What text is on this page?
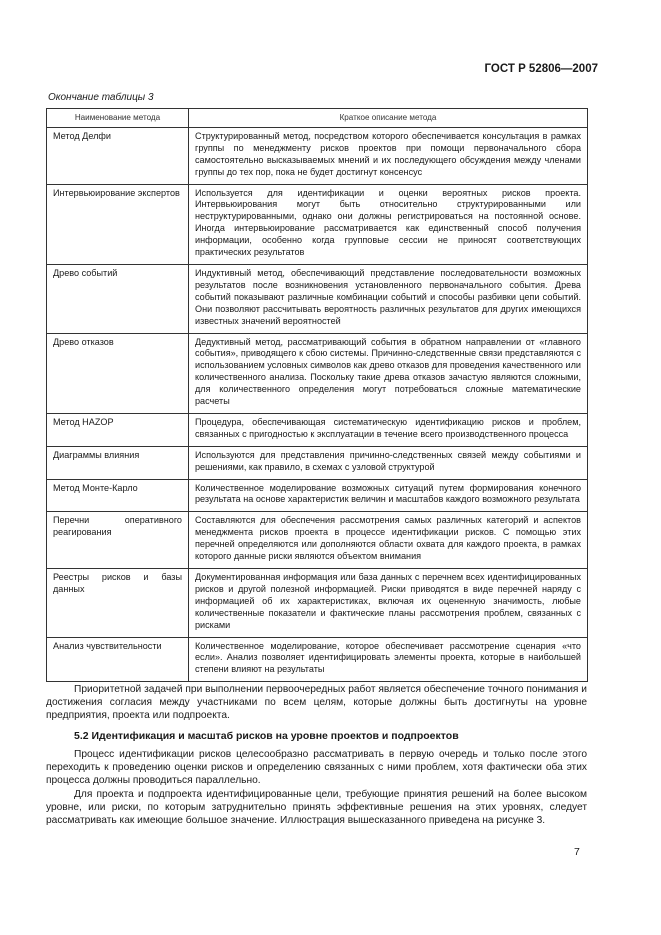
ГОСТ Р 52806—2007
Окончание таблицы 3
Наименование метода	Краткое описание метода
Метод Делфи	Структурированный метод, посредством которого обеспечивается консультация в рамках группы по менеджменту рисков проектов при помощи первоначального сбора самостоятельно высказываемых мнений и их последующего обсуждения между членами группы до тех пор, пока не будет достигнут консенсус
Интервьюирование экспертов	Используется для идентификации и оценки вероятных рисков проекта. Интервьюирования могут быть относительно структурированными или неструктурированными, однако они должны регистрироваться на постоянной основе. Иногда интервьюирование рассматривается как единственный способ получения информации, особенно когда групповые сессии не приносят соответствующих практических результатов
Древо событий	Индуктивный метод, обеспечивающий представление последовательности возможных результатов после возникновения установленного первоначального события. Древа событий показывают различные комбинации событий и способы разбивки цепи событий. Они позволяют рассчитывать вероятность различных результатов для других имеющихся известных значений вероятностей
Древо отказов	Дедуктивный метод, рассматривающий события в обратном направлении от «главного события», приводящего к сбою системы. Причинно-следственные связи представляются с использованием условных символов как древо отказов для проведения качественного или количественного анализа. Поскольку такие древа отказов зачастую являются сложными, для количественного определения могут потребоваться сложные математические расчеты
Метод HAZOP	Процедура, обеспечивающая систематическую идентификацию рисков и проблем, связанных с пригодностью к эксплуатации в течение всего производственного процесса
Диаграммы влияния	Используются для представления причинно-следственных связей между событиями и решениями, как правило, в схемах с узловой структурой
Метод Монте-Карло	Количественное моделирование возможных ситуаций путем формирования конечного результата на основе характеристик величин и масштабов каждого возможного результата
Перечни оперативного реагирования	Составляются для обеспечения рассмотрения самых различных категорий и аспектов менеджмента рисков проекта в процессе идентификации рисков. С помощью этих перечней определяются или дополняются области охвата для каждого проекта, в рамках которого данные риски являются объектом внимания
Реестры рисков и базы данных	Документированная информация или база данных с перечнем всех идентифицированных рисков и другой полезной информацией. Риски приводятся в виде перечней наряду с информацией об их характеристиках, включая их оцененную значимость, любые количественные показатели и фактические планы рассмотрения проблем, связанных с рисками
Анализ чувствительности	Количественное моделирование, которое обеспечивает рассмотрение сценария «что если». Анализ позволяет идентифицировать элементы проекта, которые в наибольшей степени влияют на результаты

Приоритетной задачей при выполнении первоочередных работ является обеспечение точного понимания и достижения согласия между участниками по всем целям, которые должны быть достигнуты на уровне предприятия, проекта или подпроекта.

5.2 Идентификация и масштаб рисков на уровне проектов и подпроектов

Процесс идентификации рисков целесообразно рассматривать в первую очередь и только после этого переходить к проведению оценки рисков и определению связанных с ними проблем, хотя фактически оба этих процесса должны проводиться параллельно.

Для проекта и подпроекта идентифицированные цели, требующие принятия решений на более высоком уровне, или риски, по которым затруднительно принять эффективные решения на этих уровнях, следует рассматривать как имеющие большое значение. Иллюстрация вышесказанного приведена на рисунке 3.

7
